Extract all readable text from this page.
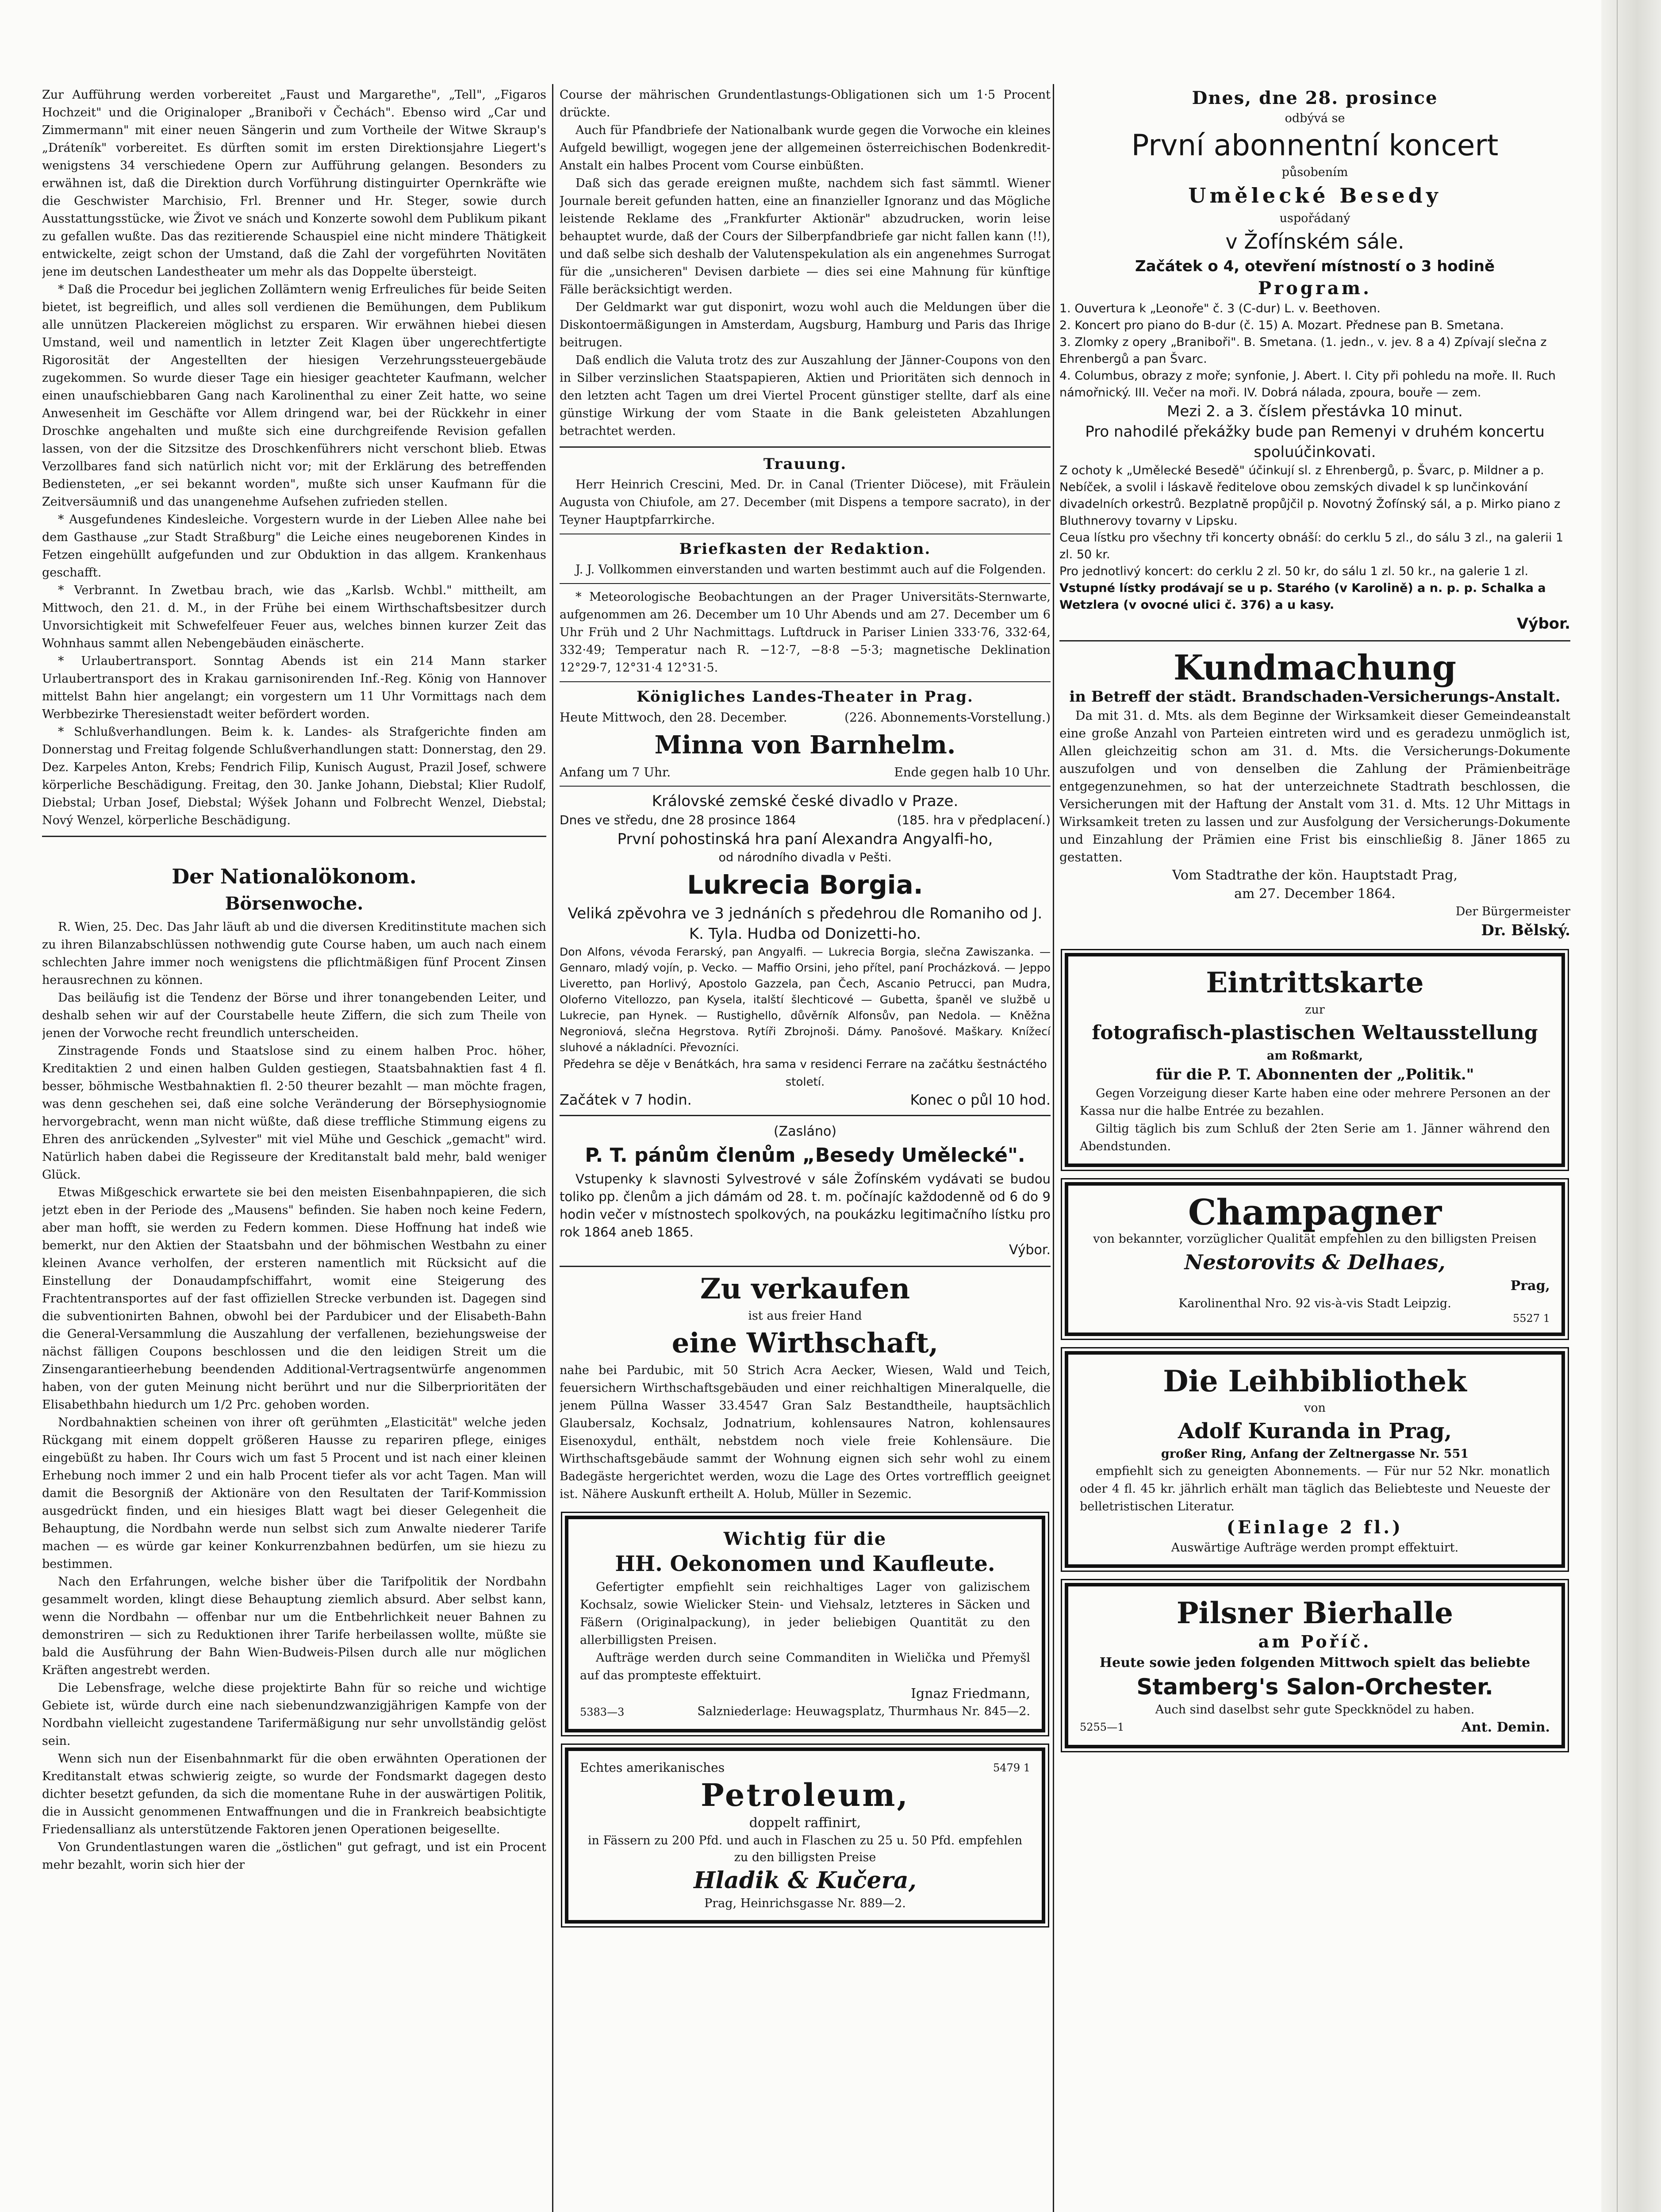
Zur Aufführung werden vorbereitet „Faust und Margarethe", „Tell", „Figaros Hochzeit" und die Originaloper „Braniboři v Čechách". Ebenso wird „Car und Zimmermann" mit einer neuen Sängerin und zum Vortheile der Witwe Skraup's „Dráteník" vorbereitet. Es dürften somit im ersten Direktionsjahre Liegert's wenigstens 34 verschiedene Opern zur Aufführung gelangen. Besonders zu erwähnen ist, daß die Direktion durch Vorführung distinguirter Opernkräfte wie die Geschwister Marchisio, Frl. Brenner und Hr. Steger, sowie durch Ausstattungsstücke, wie Život ve snách und Konzerte sowohl dem Publikum pikant zu gefallen wußte. Das das rezitierende Schauspiel eine nicht mindere Thätigkeit entwickelte, zeigt schon der Umstand, daß die Zahl der vorgeführten Novitäten jene im deutschen Landestheater um mehr als das Doppelte übersteigt.

* Daß die Procedur bei jeglichen Zollämtern wenig Erfreuliches für beide Seiten bietet, ist begreiflich, und alles soll verdienen die Bemühungen, dem Publikum alle unnützen Plackereien möglichst zu ersparen. Wir erwähnen hiebei diesen Umstand, weil und namentlich in letzter Zeit Klagen über ungerechtfertigte Rigorosität der Angestellten der hiesigen Verzehrungssteuergebäude zugekommen. So wurde dieser Tage ein hiesiger geachteter Kaufmann, welcher einen unaufschiebbaren Gang nach Karolinenthal zu einer Zeit hatte, wo seine Anwesenheit im Geschäfte vor Allem dringend war, bei der Rückkehr in einer Droschke angehalten und mußte sich eine durchgreifende Revision gefallen lassen, von der die Sitzsitze des Droschkenführers nicht verschont blieb. Etwas Verzollbares fand sich natürlich nicht vor; mit der Erklärung des betreffenden Bediensteten, „er sei bekannt worden", mußte sich unser Kaufmann für die Zeitversäumniß und das unangenehme Aufsehen zufrieden stellen.

* Ausgefundenes Kindesleiche. Vorgestern wurde in der Lieben Allee nahe bei dem Gasthause „zur Stadt Straßburg" die Leiche eines neugeborenen Kindes in Fetzen eingehüllt aufgefunden und zur Obduktion in das allgem. Krankenhaus geschafft.

* Verbrannt. In Zwetbau brach, wie das „Karlsb. Wchbl." mittheilt, am Mittwoch, den 21. d. M., in der Frühe bei einem Wirthschaftsbesitzer durch Unvorsichtigkeit mit Schwefelfeuer Feuer aus, welches binnen kurzer Zeit das Wohnhaus sammt allen Nebengebäuden einäscherte.

* Urlaubertransport. Sonntag Abends ist ein 214 Mann starker Urlaubertransport des in Krakau garnisonirenden Inf.-Reg. König von Hannover mittelst Bahn hier angelangt; ein vorgestern um 11 Uhr Vormittags nach dem Werbbezirke Theresienstadt weiter befördert worden.

* Schlußverhandlungen. Beim k. k. Landes- als Strafgerichte finden am Donnerstag und Freitag folgende Schlußverhandlungen statt: Donnerstag, den 29. Dez. Karpeles Anton, Krebs; Fendrich Filip, Kunisch August, Prazil Josef, schwere körperliche Beschädigung. Freitag, den 30. Janke Johann, Diebstal; Klier Rudolf, Diebstal; Urban Josef, Diebstal; Wýšek Johann und Folbrecht Wenzel, Diebstal; Nový Wenzel, körperliche Beschädigung.

Der Nationalökonom.
Börsenwoche.

R. Wien, 25. Dec. Das Jahr läuft ab und die diversen Kreditinstitute machen sich zu ihren Bilanzabschlüssen nothwendig gute Course haben, um auch nach einem schlechten Jahre immer noch wenigstens die pflichtmäßigen fünf Procent Zinsen herausrechnen zu können.

Das beiläufig ist die Tendenz der Börse und ihrer tonangebenden Leiter, und deshalb sehen wir auf der Courstabelle heute Ziffern, die sich zum Theile von jenen der Vorwoche recht freundlich unterscheiden.

Zinstragende Fonds und Staatslose sind zu einem halben Proc. höher, Kreditaktien 2 und einen halben Gulden gestiegen, Staatsbahnaktien fast 4 fl. besser, böhmische Westbahnaktien fl. 2·50 theurer bezahlt — man möchte fragen, was denn geschehen sei, daß eine solche Veränderung der Börsephysiognomie hervorgebracht, wenn man nicht wüßte, daß diese treffliche Stimmung eigens zu Ehren des anrückenden „Sylvester" mit viel Mühe und Geschick „gemacht" wird. Natürlich haben dabei die Regisseure der Kreditanstalt bald mehr, bald weniger Glück.

Etwas Mißgeschick erwartete sie bei den meisten Eisenbahnpapieren, die sich jetzt eben in der Periode des „Mausens" befinden. Sie haben noch keine Federn, aber man hofft, sie werden zu Federn kommen. Diese Hoffnung hat indeß wie bemerkt, nur den Aktien der Staatsbahn und der böhmischen Westbahn zu einer kleinen Avance verholfen, der ersteren namentlich mit Rücksicht auf die Einstellung der Donaudampfschiffahrt, womit eine Steigerung des Frachtentransportes auf der fast offiziellen Strecke verbunden ist. Dagegen sind die subventionirten Bahnen, obwohl bei der Pardubicer und der Elisabeth-Bahn die General-Versammlung die Auszahlung der verfallenen, beziehungsweise der nächst fälligen Coupons beschlossen und die den leidigen Streit um die Zinsengarantieerhebung beendenden Additional-Vertragsentwürfe angenommen haben, von der guten Meinung nicht berührt und nur die Silberprioritäten der Elisabethbahn hiedurch um 1/2 Prc. gehoben worden.

Nordbahnaktien scheinen von ihrer oft gerühmten „Elasticität" welche jeden Rückgang mit einem doppelt größeren Hausse zu repariren pflege, einiges eingebüßt zu haben. Ihr Cours wich um fast 5 Procent und ist nach einer kleinen Erhebung noch immer 2 und ein halb Procent tiefer als vor acht Tagen. Man will damit die Besorgniß der Aktionäre von den Resultaten der Tarif-Kommission ausgedrückt finden, und ein hiesiges Blatt wagt bei dieser Gelegenheit die Behauptung, die Nordbahn werde nun selbst sich zum Anwalte niederer Tarife machen — es würde gar keiner Konkurrenzbahnen bedürfen, um sie hiezu zu bestimmen.

Nach den Erfahrungen, welche bisher über die Tarifpolitik der Nordbahn gesammelt worden, klingt diese Behauptung ziemlich absurd. Aber selbst kann, wenn die Nordbahn — offenbar nur um die Entbehrlichkeit neuer Bahnen zu demonstriren — sich zu Reduktionen ihrer Tarife herbeilassen wollte, müßte sie bald die Ausführung der Bahn Wien-Budweis-Pilsen durch alle nur möglichen Kräften angestrebt werden.

Die Lebensfrage, welche diese projektirte Bahn für so reiche und wichtige Gebiete ist, würde durch eine nach siebenundzwanzigjährigen Kampfe von der Nordbahn vielleicht zugestandene Tarifermäßigung nur sehr unvollständig gelöst sein.

Wenn sich nun der Eisenbahnmarkt für die oben erwähnten Operationen der Kreditanstalt etwas schwierig zeigte, so wurde der Fondsmarkt dagegen desto dichter besetzt gefunden, da sich die momentane Ruhe in der auswärtigen Politik, die in Aussicht genommenen Entwaffnungen und die in Frankreich beabsichtigte Friedensallianz als unterstützende Faktoren jenen Operationen beigesellte.

Von Grundentlastungen waren die „östlichen" gut gefragt, und ist ein Procent mehr bezahlt, worin sich hier der

Course der mährischen Grundentlastungs-Obligationen sich um 1·5 Procent drückte.

Auch für Pfandbriefe der Nationalbank wurde gegen die Vorwoche ein kleines Aufgeld bewilligt, wogegen jene der allgemeinen österreichischen Bodenkredit-Anstalt ein halbes Procent vom Course einbüßten.

Daß sich das gerade ereignen mußte, nachdem sich fast sämmtl. Wiener Journale bereit gefunden hatten, eine an finanzieller Ignoranz und das Mögliche leistende Reklame des „Frankfurter Aktionär" abzudrucken, worin leise behauptet wurde, daß der Cours der Silberpfandbriefe gar nicht fallen kann (!!), und daß selbe sich deshalb der Valutenspekulation als ein angenehmes Surrogat für die „unsicheren" Devisen darbiete — dies sei eine Mahnung für künftige Fälle beräcksichtigt werden.

Der Geldmarkt war gut disponirt, wozu wohl auch die Meldungen über die Diskontoermäßigungen in Amsterdam, Augsburg, Hamburg und Paris das Ihrige beitrugen.

Daß endlich die Valuta trotz des zur Auszahlung der Jänner-Coupons von den in Silber verzinslichen Staatspapieren, Aktien und Prioritäten sich dennoch in den letzten acht Tagen um drei Viertel Procent günstiger stellte, darf als eine günstige Wirkung der vom Staate in die Bank geleisteten Abzahlungen betrachtet werden.

Trauung.

Herr Heinrich Crescini, Med. Dr. in Canal (Trienter Diöcese), mit Fräulein Augusta von Chiufole, am 27. December (mit Dispens a tempore sacrato), in der Teyner Hauptpfarrkirche.

Briefkasten der Redaktion.

J. J. Vollkommen einverstanden und warten bestimmt auch auf die Folgenden.

* Meteorologische Beobachtungen an der Prager Universitäts-Sternwarte, aufgenommen am 26. December um 10 Uhr Abends und am 27. December um 6 Uhr Früh und 2 Uhr Nachmittags. Luftdruck in Pariser Linien 333·76, 332·64, 332·49; Temperatur nach R. −12·7, −8·8 −5·3; magnetische Deklination 12°29·7, 12°31·4 12°31·5.

Königliches Landes-Theater in Prag.
Heute Mittwoch, den 28. December.	(226. Abonnements-Vorstellung.)
Minna von Barnhelm.
Anfang um 7 Uhr.	Ende gegen halb 10 Uhr.
Královské zemské české divadlo v Praze.
Dnes ve středu, dne 28 prosince 1864	(185. hra v předplacení.)
První pohostinská hra paní Alexandra Angyalfi-ho,
od národního divadla v Pešti.
Lukrecia Borgia.
Veliká zpěvohra ve 3 jednáních s předehrou dle Romaniho od J. K. Tyla. Hudba od Donizetti-ho.

Don Alfons, vévoda Ferarský, pan Angyalfi. — Lukrecia Borgia, slečna Zawiszanka. — Gennaro, mladý vojín, p. Vecko. — Maffio Orsini, jeho přítel, paní Procházková. — Jeppo Liveretto, pan Horlivý, Apostolo Gazzela, pan Čech, Ascanio Petrucci, pan Mudra, Oloferno Vitellozzo, pan Kysela, italští šlechticové — Gubetta, španěl ve službě u Lukrecie, pan Hynek. — Rustighello, důvěrník Alfonsův, pan Nedola. — Kněžna Negroniová, slečna Hegrstova. Rytíři Zbrojnoši. Dámy. Panošové. Maškary. Knížecí sluhové a nákladníci. Převozníci.

Předehra se děje v Benátkách, hra sama v residenci Ferrare na začátku šestnáctého století.

Začátek v 7 hodin.	Konec o půl 10 hod.
(Zasláno)
P. T. pánům členům „Besedy Umělecké".

Vstupenky k slavnosti Sylvestrové v sále Žofínském vydávati se budou toliko pp. členům a jich dámám od 28. t. m. počínajíc každodenně od 6 do 9 hodin večer v místnostech spolkových, na poukázku legitimačního lístku pro rok 1864 aneb 1865.

Výbor.
Zu verkaufen
ist aus freier Hand
eine Wirthschaft,

nahe bei Pardubic, mit 50 Strich Acra Aecker, Wiesen, Wald und Teich, feuersichern Wirthschaftsgebäuden und einer reichhaltigen Mineralquelle, die jenem Püllna Wasser 33.4547 Gran Salz Bestandtheile, hauptsächlich Glaubersalz, Kochsalz, Jodnatrium, kohlensaures Natron, kohlensaures Eisenoxydul, enthält, nebstdem noch viele freie Kohlensäure. Die Wirthschaftsgebäude sammt der Wohnung eignen sich sehr wohl zu einem Badegäste hergerichtet werden, wozu die Lage des Ortes vortrefflich geeignet ist. Nähere Auskunft ertheilt A. Holub, Müller in Sezemic.

Wichtig für die
HH. Oekonomen und Kaufleute.

Gefertigter empfiehlt sein reichhaltiges Lager von galizischem Kochsalz, sowie Wielicker Stein- und Viehsalz, letzteres in Säcken und Fäßern (Originalpackung), in jeder beliebigen Quantität zu den allerbilligsten Preisen.

Aufträge werden durch seine Commanditen in Wielička und Přemyšl auf das prompteste effektuirt.

Ignaz Friedmann,
5383—3	Salzniederlage: Heuwagsplatz, Thurmhaus Nr. 845—2.
Echtes amerikanisches	5479 1
Petroleum,
doppelt raffinirt,
in Fässern zu 200 Pfd. und auch in Flaschen zu 25 u. 50 Pfd. empfehlen zu den billigsten Preise
Hladik & Kučera,
Prag, Heinrichsgasse Nr. 889—2.
Dnes, dne 28. prosince
odbývá se
První abonnentní koncert
působením
Umělecké Besedy
uspořádaný
v Žofínském sále.
Začátek o 4, otevření místností o 3 hodině
Program.

1. Ouvertura k „Leonoře" č. 3 (C-dur) L. v. Beethoven.

2. Koncert pro piano do B-dur (č. 15) A. Mozart. Přednese pan B. Smetana.

3. Zlomky z opery „Braniboři". B. Smetana. (1. jedn., v. jev. 8 a 4) Zpívají slečna z Ehrenbergů a pan Švarc.

4. Columbus, obrazy z moře; synfonie, J. Abert. I. City při pohledu na moře. II. Ruch námořnický. III. Večer na moři. IV. Dobrá nálada, zpoura, bouře — zem.

Mezi 2. a 3. číslem přestávka 10 minut.
Pro nahodilé překážky bude pan Remenyi v druhém koncertu spoluúčinkovati.

Z ochoty k „Umělecké Besedě" účinkují sl. z Ehrenbergů, p. Švarc, p. Mildner a p. Nebíček, a svolil i láskavě ředitelove obou zemských divadel k sp lunčinkování divadelních orkestrů. Bezplatně propůjčil p. Novotný Žofínský sál, a p. Mirko piano z Bluthnerovy tovarny v Lipsku.

Ceua lístku pro všechny tři koncerty obnáší: do cerklu 5 zl., do sálu 3 zl., na galerii 1 zl. 50 kr.

Pro jednotlivý koncert: do cerklu 2 zl. 50 kr, do sálu 1 zl. 50 kr., na galerie 1 zl.

Vstupné lístky prodávají se u p. Starého (v Karolině) a n. p. p. Schalka a Wetzlera (v ovocné ulici č. 376) a u kasy.

Výbor.
Kundmachung
in Betreff der städt. Brandschaden-Versicherungs-Anstalt.

Da mit 31. d. Mts. als dem Beginne der Wirksamkeit dieser Gemeindeanstalt eine große Anzahl von Parteien eintreten wird und es geradezu unmöglich ist, Allen gleichzeitig schon am 31. d. Mts. die Versicherungs-Dokumente auszufolgen und von denselben die Zahlung der Prämienbeiträge entgegenzunehmen, so hat der unterzeichnete Stadtrath beschlossen, die Versicherungen mit der Haftung der Anstalt vom 31. d. Mts. 12 Uhr Mittags in Wirksamkeit treten zu lassen und zur Ausfolgung der Versicherungs-Dokumente und Einzahlung der Prämien eine Frist bis einschließig 8. Jäner 1865 zu gestatten.

Vom Stadtrathe der kön. Hauptstadt Prag,
am 27. December 1864.
Der Bürgermeister
Dr. Bělský.
Eintrittskarte
zur
fotografisch-plastischen Weltausstellung
am Roßmarkt,
für die P. T. Abonnenten der „Politik."

Gegen Vorzeigung dieser Karte haben eine oder mehrere Personen an der Kassa nur die halbe Entrée zu bezahlen.

Giltig täglich bis zum Schluß der 2ten Serie am 1. Jänner während den Abendstunden.

Champagner
von bekannter, vorzüglicher Qualität empfehlen zu den billigsten Preisen
Nestorovits & Delhaes,
Prag,
Karolinenthal Nro. 92 vis-à-vis Stadt Leipzig.
5527 1
Die Leihbibliothek
von
Adolf Kuranda in Prag,
großer Ring, Anfang der Zeltnergasse Nr. 551

empfiehlt sich zu geneigten Abonnements. — Für nur 52 Nkr. monatlich oder 4 fl. 45 kr. jährlich erhält man täglich das Beliebteste und Neueste der belletristischen Literatur.

(Einlage 2 fl.)
Auswärtige Aufträge werden prompt effektuirt.
Pilsner Bierhalle
am Poříč.
Heute sowie jeden folgenden Mittwoch spielt das beliebte
Stamberg's Salon-Orchester.
Auch sind daselbst sehr gute Speckknödel zu haben.
5255—1	Ant. Demin.
